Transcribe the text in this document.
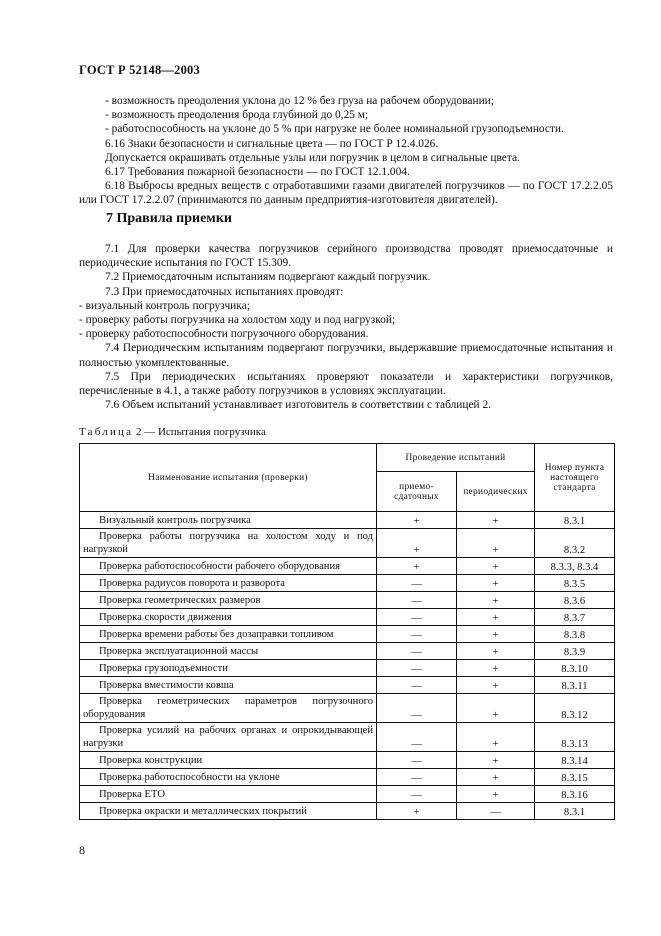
ГОСТ Р 52148—2003

- возможность преодоления уклона до 12 % без груза на рабочем оборудовании;

- возможность преодоления брода глубиной до 0,25 м;

- работоспособность на уклоне до 5 % при нагрузке не более номинальной грузоподъемности.

6.16 Знаки безопасности и сигнальные цвета — по ГОСТ Р 12.4.026.

Допускается окрашивать отдельные узлы или погрузчик в целом в сигнальные цвета.

6.17 Требования пожарной безопасности — по ГОСТ 12.1.004.

6.18 Выбросы вредных веществ с отработавшими газами двигателей погрузчиков — по ГОСТ 17.2.2.05 или ГОСТ 17.2.2.07 (принимаются по данным предприятия-изготовителя двигателей).

7 Правила приемки

7.1 Для проверки качества погрузчиков серийного производства проводят приемосдаточные и периодические испытания по ГОСТ 15.309.

7.2 Приемосдаточным испытаниям подвергают каждый погрузчик.

7.3 При приемосдаточных испытаниях проводят:

- визуальный контроль погрузчика;

- проверку работы погрузчика на холостом ходу и под нагрузкой;

- проверку работоспособности погрузочного оборудования.

7.4 Периодическим испытаниям подвергают погрузчики, выдержавшие приемосдаточные испытания и полностью укомплектованные.

7.5 При периодических испытаниях проверяют показатели и характеристики погрузчиков, перечисленные в 4.1, а также работу погрузчиков в условиях эксплуатации.

7.6 Объем испытаний устанавливает изготовитель в соответствии с таблицей 2.

Таблица 2 — Испытания погрузчика
Наименование испытания (проверки)	Проведение испытаний		Номер пункта настоящего стандарта
	приемо-сдаточных	периодических	
Визуальный контроль погрузчика	+	+	8.3.1
Проверка работы погрузчика на холостом ходу и под нагрузкой	+	+	8.3.2
Проверка работоспособности рабочего оборудования	+	+	8.3.3, 8.3.4
Проверка радиусов поворота и разворота	—	+	8.3.5
Проверка геометрических размеров	—	+	8.3.6
Проверка скорости движения	—	+	8.3.7
Проверка времени работы без дозаправки топливом	—	+	8.3.8
Проверка эксплуатационной массы	—	+	8.3.9
Проверка грузоподъемности	—	+	8.3.10
Проверка вместимости ковша	—	+	8.3.11
Проверка геометрических параметров погрузочного оборудования	—	+	8.3.12
Проверка усилий на рабочих органах и опрокидывающей нагрузки	—	+	8.3.13
Проверка конструкции	—	+	8.3.14
Проверка работоспособности на уклоне	—	+	8.3.15
Проверка ЕТО	—	+	8.3.16
Проверка окраски и металлических покрытий	+	—	8.3.1
8
